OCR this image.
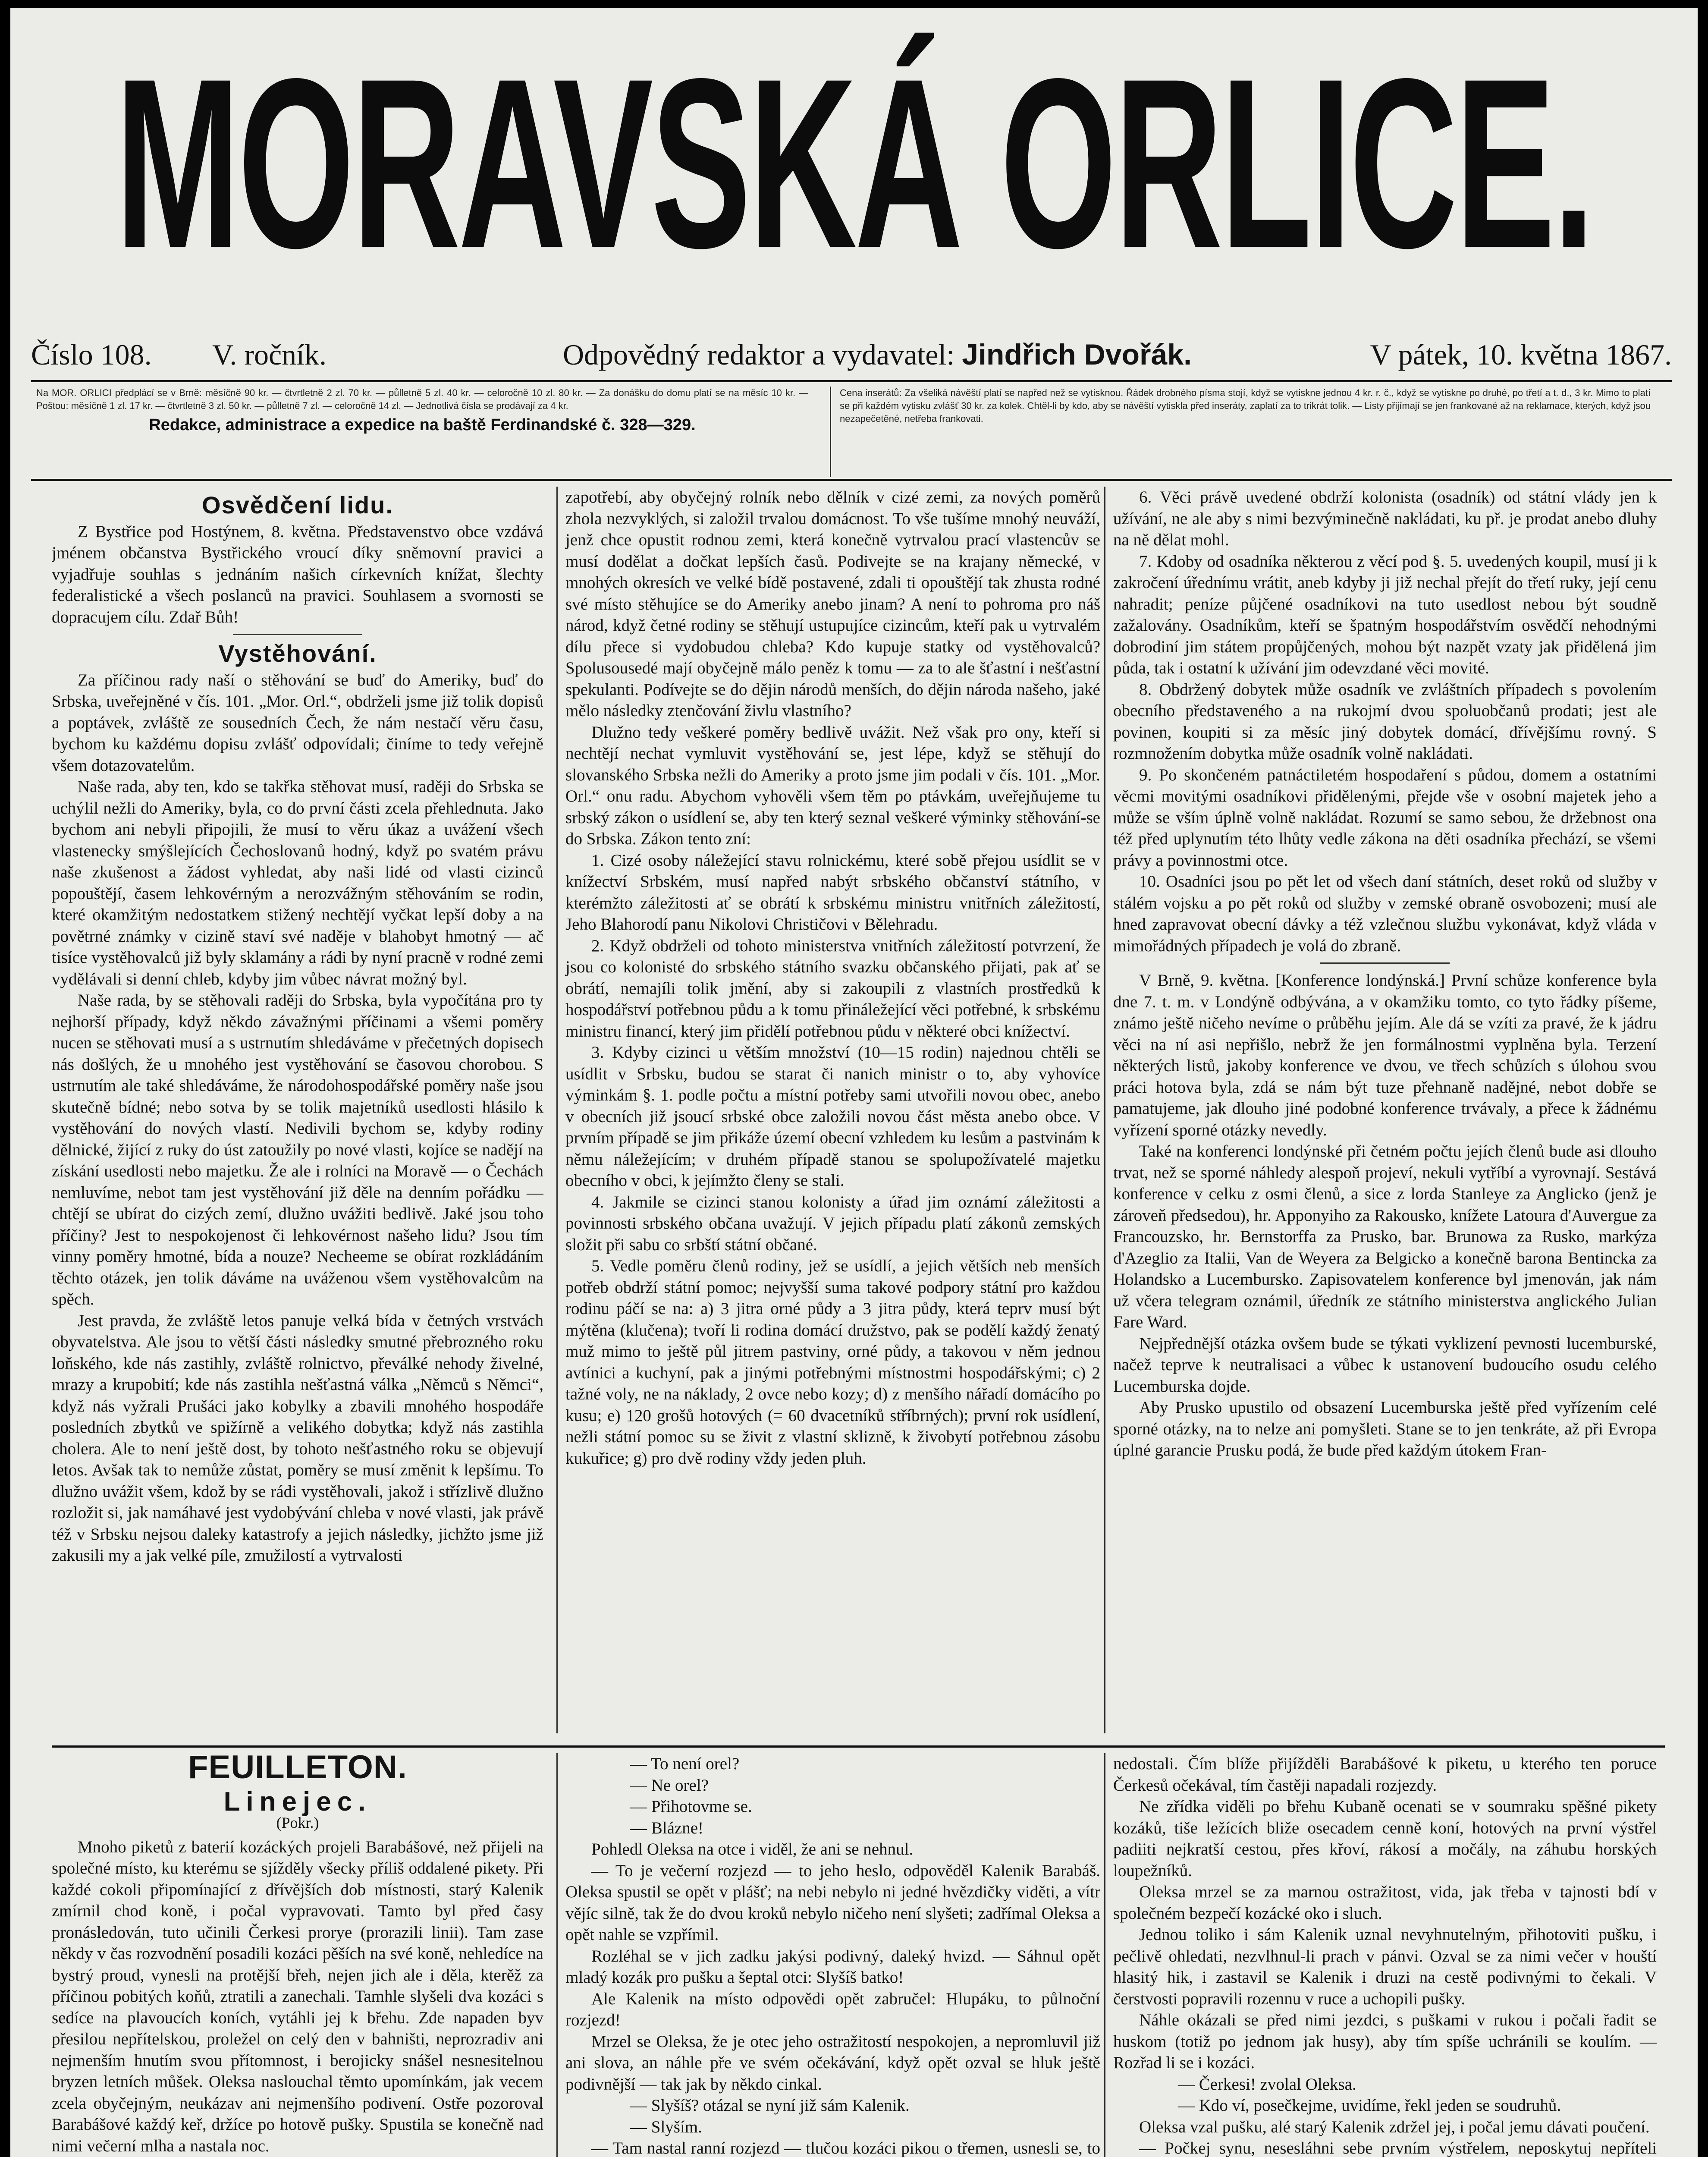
MORAVSKÁ ORLICE.
Číslo 108.	V. ročník.	Odpovědný redaktor a vydavatel: Jindřich Dvořák.	V pátek, 10. května 1867.
Na MOR. ORLICI předplácí se v Brně: měsíčně 90 kr. — čtvrtletně 2 zl. 70 kr. — půlletně 5 zl. 40 kr. — celoročně 10 zl. 80 kr. — Za donášku do domu platí se na měsíc 10 kr. — Poštou: měsíčně 1 zl. 17 kr. — čtvrtletně 3 zl. 50 kr. — půlletně 7 zl. — celoročně 14 zl. — Jednotlivá čísla se prodávají za 4 kr.
Redakce, administrace a expedice na baště Ferdinandské č. 328—329.
Cena inserátů: Za všeliká návěští platí se napřed než se vytisknou. Řádek drobného písma stojí, když se vytiskne jednou 4 kr. r. č., když se vytiskne po druhé, po třetí a t. d., 3 kr. Mimo to platí se při každém vytisku zvlášť 30 kr. za kolek. Chtěl-li by kdo, aby se návěští vytiskla před inseráty, zaplatí za to trikrát tolik. — Listy přijímají se jen frankované až na reklamace, kterých, když jsou nezapečetěné, netřeba frankovati.
Osvědčení lidu.

Z Bystřice pod Hostýnem, 8. května. Představenstvo obce vzdává jménem občanstva Bystřického vroucí díky sněmovní pravici a vyjadřuje souhlas s jednáním našich církevních knížat, šlechty federalistické a všech poslanců na pravici. Souhlasem a svornosti se dopracujem cílu. Zdař Bůh!

Vystěhování.

Za příčinou rady naší o stěhování se buď do Ameriky, buď do Srbska, uveřejněné v čís. 101. „Mor. Orl.“, obdrželi jsme již tolik dopisů a poptávek, zvláště ze sousedních Čech, že nám nestačí věru času, bychom ku každému dopisu zvlášť odpovídali; činíme to tedy veřejně všem dotazovatelům.

Naše rada, aby ten, kdo se takřka stěhovat musí, raději do Srbska se uchýlil nežli do Ameriky, byla, co do první části zcela přehlednuta. Jako bychom ani nebyli připojili, že musí to věru úkaz a uvážení všech vlastenecky smýšlejících Čechoslovanů hodný, když po svatém právu naše zkušenost a žádost vyhledat, aby naši lidé od vlasti cizinců popouštějí, časem lehkovérným a nerozvážným stěhováním se rodin, které okamžitým nedostatkem stižený nechtějí vyčkat lepší doby a na povětrné známky v cizině staví své naděje v blahobyt hmotný — ač tisíce vystěhovalců již byly sklamány a rádi by nyní pracně v rodné zemi vydělávali si denní chleb, kdyby jim vůbec návrat možný byl.

Naše rada, by se stěhovali raději do Srbska, byla vypočítána pro ty nejhorší případy, když někdo závažnými příčinami a všemi poměry nucen se stěhovati musí a s ustrnutím shledáváme v přečetných dopisech nás došlých, že u mnohého jest vystěhování se časovou chorobou. S ustrnutím ale také shledáváme, že národohospodářské poměry naše jsou skutečně bídné; nebo sotva by se tolik majetníků usedlosti hlásilo k vystěhování do nových vlastí. Nedivili bychom se, kdyby rodiny dělnické, žijící z ruky do úst zatoužily po nové vlasti, kojíce se nadějí na získání usedlosti nebo majetku. Že ale i rolníci na Moravě — o Čechách nemluvíme, nebot tam jest vystěhování již děle na denním pořádku — chtějí se ubírat do cizých zemí, dlužno uvážiti bedlivě. Jaké jsou toho příčiny? Jest to nespokojenost či lehkovérnost našeho lidu? Jsou tím vinny poměry hmotné, bída a nouze? Necheeme se obírat rozkládáním těchto otázek, jen tolik dáváme na uváženou všem vystěhovalcům na spěch.

Jest pravda, že zvláště letos panuje velká bída v četných vrstvách obyvatelstva. Ale jsou to větší části následky smutné přebrozného roku loňského, kde nás zastihly, zvláště rolnictvo, převálké nehody živelné, mrazy a krupobití; kde nás zastihla nešťastná válka „Němců s Němci“, když nás vyžrali Prušáci jako kobylky a zbavili mnohého hospodáře posledních zbytků ve spižírně a velikého dobytka; když nás zastihla cholera. Ale to není ještě dost, by tohoto nešťastného roku se objevují letos. Avšak tak to nemůže zůstat, poměry se musí změnit k lepšímu. To dlužno uvážit všem, kdož by se rádi vystěhovali, jakož i střízlivě dlužno rozložit si, jak namáhavé jest vydobývání chleba v nové vlasti, jak právě též v Srbsku nejsou daleky katastrofy a jejich následky, jichžto jsme již zakusili my a jak velké píle, zmužilostí a vytrvalosti

zapotřebí, aby obyčejný rolník nebo dělník v cizé zemi, za nových poměrů zhola nezvyklých, si založil trvalou domácnost. To vše tušíme mnohý neuváží, jenž chce opustit rodnou zemi, která konečně vytrvalou prací vlastencův se musí dodělat a dočkat lepších časů. Podivejte se na krajany německé, v mnohých okresích ve velké bídě postavené, zdali ti opouštějí tak zhusta rodné své místo stěhujíce se do Ameriky anebo jinam? A není to pohroma pro náš národ, když četné rodiny se stěhují ustupujíce cizincům, kteří pak u vytrvalém dílu přece si vydobudou chleba? Kdo kupuje statky od vystěhovalců? Spolusousedé mají obyčejně málo peněz k tomu — za to ale šťastní i nešťastní spekulanti. Podívejte se do dějin národů menších, do dějin národa našeho, jaké mělo následky ztenčování živlu vlastního?

Dlužno tedy veškeré poměry bedlivě uvážit. Než však pro ony, kteří si nechtějí nechat vymluvit vystěhování se, jest lépe, když se stěhují do slovanského Srbska nežli do Ameriky a proto jsme jim podali v čís. 101. „Mor. Orl.“ onu radu. Abychom vyhověli všem těm po ptávkám, uveřejňujeme tu srbský zákon o usídlení se, aby ten který seznal veškeré výminky stěhování-se do Srbska. Zákon tento zní:

1. Cizé osoby náležející stavu rolnickému, které sobě přejou usídlit se v knížectví Srbském, musí napřed nabýt srbského občanství státního, v kterémžto záležitosti ať se obrátí k srbskému ministru vnitřních záležitostí, Jeho Blahorodí panu Nikolovi Christičovi v Bělehradu.

2. Když obdrželi od tohoto ministerstva vnitřních záležitostí potvrzení, že jsou co kolonisté do srbského státního svazku občanského přijati, pak ať se obrátí, nemajíli tolik jmění, aby si zakoupili z vlastních prostředků k hospodářství potřebnou půdu a k tomu přináležející věci potřebné, k srbskému ministru financí, který jim přidělí potřebnou půdu v některé obci knížectví.

3. Kdyby cizinci u větším množství (10—15 rodin) najednou chtěli se usídlit v Srbsku, budou se starat či nanich ministr o to, aby vyhovíce výminkám §. 1. podle počtu a místní potřeby sami utvořili novou obec, anebo v obecních již jsoucí srbské obce založili novou část města anebo obce. V prvním případě se jim přikáže území obecní vzhledem ku lesům a pastvinám k němu náležejícím; v druhém případě stanou se spolupožívatelé majetku obecního v obci, k jejímžto členy se stali.

4. Jakmile se cizinci stanou kolonisty a úřad jim oznámí záležitosti a povinnosti srbského občana uvažují. V jejich případu platí zákonů zemských složit při sabu co srbští státní občané.

5. Vedle poměru členů rodiny, jež se usídlí, a jejich větších neb menších potřeb obdrží státní pomoc; nejvyšší suma takové podpory státní pro každou rodinu páčí se na: a) 3 jitra orné půdy a 3 jitra půdy, která teprv musí být mýtěna (klučena); tvoří li rodina domácí družstvo, pak se podělí každý ženatý muž mimo to ještě půl jitrem pastviny, orné půdy, a takovou v něm jednou avtínici a kuchyní, pak a jinými potřebnými místnostmi hospodářskými; c) 2 tažné voly, ne na náklady, 2 ovce nebo kozy; d) z menšího nářadí domácího po kusu; e) 120 grošů hotových (= 60 dvacetníků stříbrných); první rok usídlení, nežli státní pomoc su se živit z vlastní sklizně, k živobytí potřebnou zásobu kukuřice; g) pro dvě rodiny vždy jeden pluh.

6. Věci právě uvedené obdrží kolonista (osadník) od státní vlády jen k užívání, ne ale aby s nimi bezvýminečně nakládati, ku př. je prodat anebo dluhy na ně dělat mohl.

7. Kdoby od osadníka některou z věcí pod §. 5. uvedených koupil, musí ji k zakročení úřednímu vrátit, aneb kdyby ji již nechal přejít do třetí ruky, její cenu nahradit; peníze půjčené osadníkovi na tuto usedlost nebou být soudně zažalovány. Osadníkům, kteří se špatným hospodářstvím osvědčí nehodnými dobrodiní jim státem propůjčených, mohou být nazpět vzaty jak přidělená jim půda, tak i ostatní k užívání jim odevzdané věci movité.

8. Obdržený dobytek může osadník ve zvláštních případech s povolením obecního představeného a na rukojmí dvou spoluobčanů prodati; jest ale povinen, koupiti si za měsíc jiný dobytek domácí, dřívějšímu rovný. S rozmnožením dobytka může osadník volně nakládati.

9. Po skončeném patnáctiletém hospodaření s půdou, domem a ostatními věcmi movitými osadníkovi přidělenými, přejde vše v osobní majetek jeho a může se vším úplně volně nakládat. Rozumí se samo sebou, že držebnost ona též před uplynutím této lhůty vedle zákona na děti osadníka přechází, se všemi právy a povinnostmi otce.

10. Osadníci jsou po pět let od všech daní státních, deset roků od služby v stálém vojsku a po pět roků od služby v zemské obraně osvobozeni; musí ale hned zapravovat obecní dávky a též vzlečnou službu vykonávat, když vláda v mimořádných případech je volá do zbraně.

V Brně, 9. května. [Konference londýnská.] První schůze konference byla dne 7. t. m. v Londýně odbývána, a v okamžiku tomto, co tyto řádky píšeme, známo ještě ničeho nevíme o průběhu jejím. Ale dá se vzíti za pravé, že k jádru věci na ní asi nepřišlo, nebrž že jen formálnostmi vyplněna byla. Terzení některých listů, jakoby konference ve dvou, ve třech schůzích s úlohou svou práci hotova byla, zdá se nám být tuze přehnaně nadějné, nebot dobře se pamatujeme, jak dlouho jiné podobné konference trvávaly, a přece k žádnému vyřízení sporné otázky nevedly.

Také na konferenci londýnské při četném počtu jejích členů bude asi dlouho trvat, než se sporné náhledy alespoň projeví, nekuli vytříbí a vyrovnají. Sestává konference v celku z osmi členů, a sice z lorda Stanleye za Anglicko (jenž je zároveň předsedou), hr. Apponyiho za Rakousko, knížete Latoura d'Auvergue za Francouzsko, hr. Bernstorffa za Prusko, bar. Brunowa za Rusko, markýza d'Azeglio za Italii, Van de Weyera za Belgicko a konečně barona Bentincka za Holandsko a Lucembursko. Zapisovatelem konference byl jmenován, jak nám už včera telegram oznámil, úředník ze státního ministerstva anglického Julian Fare Ward.

Nejpřednější otázka ovšem bude se týkati vyklizení pevnosti lucemburské, načež teprve k neutralisaci a vůbec k ustanovení budoucího osudu celého Lucemburska dojde.

Aby Prusko upustilo od obsazení Lucemburska ještě před vyřízením celé sporné otázky, na to nelze ani pomyšleti. Stane se to jen tenkráte, až při Evropa úplné garancie Prusku podá, že bude před každým útokem Fran-

FEUILLETON.
Linejec.
(Pokr.)

Mnoho piketů z baterií kozáckých projeli Barabášové, než přijeli na společné místo, ku kterému se sjížděly všecky příliš oddalené pikety. Při každé cokoli připomínající z dřívějších dob místnosti, starý Kalenik zmírnil chod koně, i počal vypravovati. Tamto byl před časy pronásledován, tuto učinili Čerkesi prorye (prorazili linii). Tam zase někdy v čas rozvodnění posadili kozáci pěších na své koně, nehledíce na bystrý proud, vynesli na protější břeh, nejen jich ale i děla, kterěž za příčinou pobitých koňů, ztratili a zanechali. Tamhle slyšeli dva kozáci s sedíce na plavoucích koních, vytáhli jej k břehu. Zde napaden byv přesilou nepřítelskou, proležel on celý den v bahništi, neprozradiv ani nejmenším hnutím svou přítomnost, i berojicky snášel nesnesitelnou bryzen letních můšek. Oleksa naslouchal těmto upomínkám, jak vecem zcela obyčejným, neukázav ani nejmenšího podivení. Ostře pozoroval Barabášové každý keř, držíce po hotově pušky. Spustila se konečně nad nimi večerní mlha a nastala noc.

— To není orel?

— Ne orel?

— Přihotovme se.

— Blázne!

Pohledl Oleksa na otce i viděl, že ani se nehnul.

— To je večerní rozjezd — to jeho heslo, odpověděl Kalenik Barabáš. Oleksa spustil se opět v plášť; na nebi nebylo ni jedné hvězdičky viděti, a vítr vějíc silně, tak že do dvou kroků nebylo ničeho není slyšeti; zadřímal Oleksa a opět nahle se vzpřímil.

Rozléhal se v jich zadku jakýsi podivný, daleký hvizd. — Sáhnul opět mladý kozák pro pušku a šeptal otci: Slyšíš batko!

Ale Kalenik na místo odpovědi opět zabručel: Hlupáku, to půlnoční rozjezd!

Mrzel se Oleksa, že je otec jeho ostražitostí nespokojen, a nepromluvil již ani slova, an náhle pře ve svém očekávání, když opět ozval se hluk ještě podivnější — tak jak by někdo cinkal.

— Slyšíš? otázal se nyní již sám Kalenik.

— Slyším.

— Tam nastal ranní rozjezd — tlučou kozáci pikou o třemen, usnesli se, to

nedostali. Čím blíže přijížděli Barabášové k piketu, u kterého ten poruce Čerkesů očekával, tím častěji napadali rozjezdy.

Ne zřídka viděli po břehu Kubaně ocenati se v soumraku spěšné pikety kozáků, tiše ležících bliže osecadem cenně koní, hotových na první výstřel padiiti nejkratší cestou, přes křoví, rákosí a močály, na záhubu horských loupežníků.

Oleksa mrzel se za marnou ostražitost, vida, jak třeba v tajnosti bdí v společném bezpečí kozácké oko i sluch.

Jednou toliko i sám Kalenik uznal nevyhnutelným, přihotoviti pušku, i pečlivě ohledati, nezvlhnul-li prach v pánvi. Ozval se za nimi večer v houští hlasitý hik, i zastavil se Kalenik i druzi na cestě podivnými to čekali. V čerstvosti popravili rozennu v ruce a uchopili pušky.

Náhle okázali se před nimi jezdci, s puškami v rukou i počali řadit se huskom (totiž po jednom jak husy), aby tím spíše uchránili se koulím. — Rozřad li se i kozáci.

— Čerkesi! zvolal Oleksa.

— Kdo ví, posečkejme, uvidíme, řekl jeden se soudruhů.

Oleksa vzal pušku, alé starý Kalenik zdržel jej, i počal jemu dávati poučení.

— Počkej synu, nesesláhni sebe prvním výstřelem, neposkytuj nepříteli
